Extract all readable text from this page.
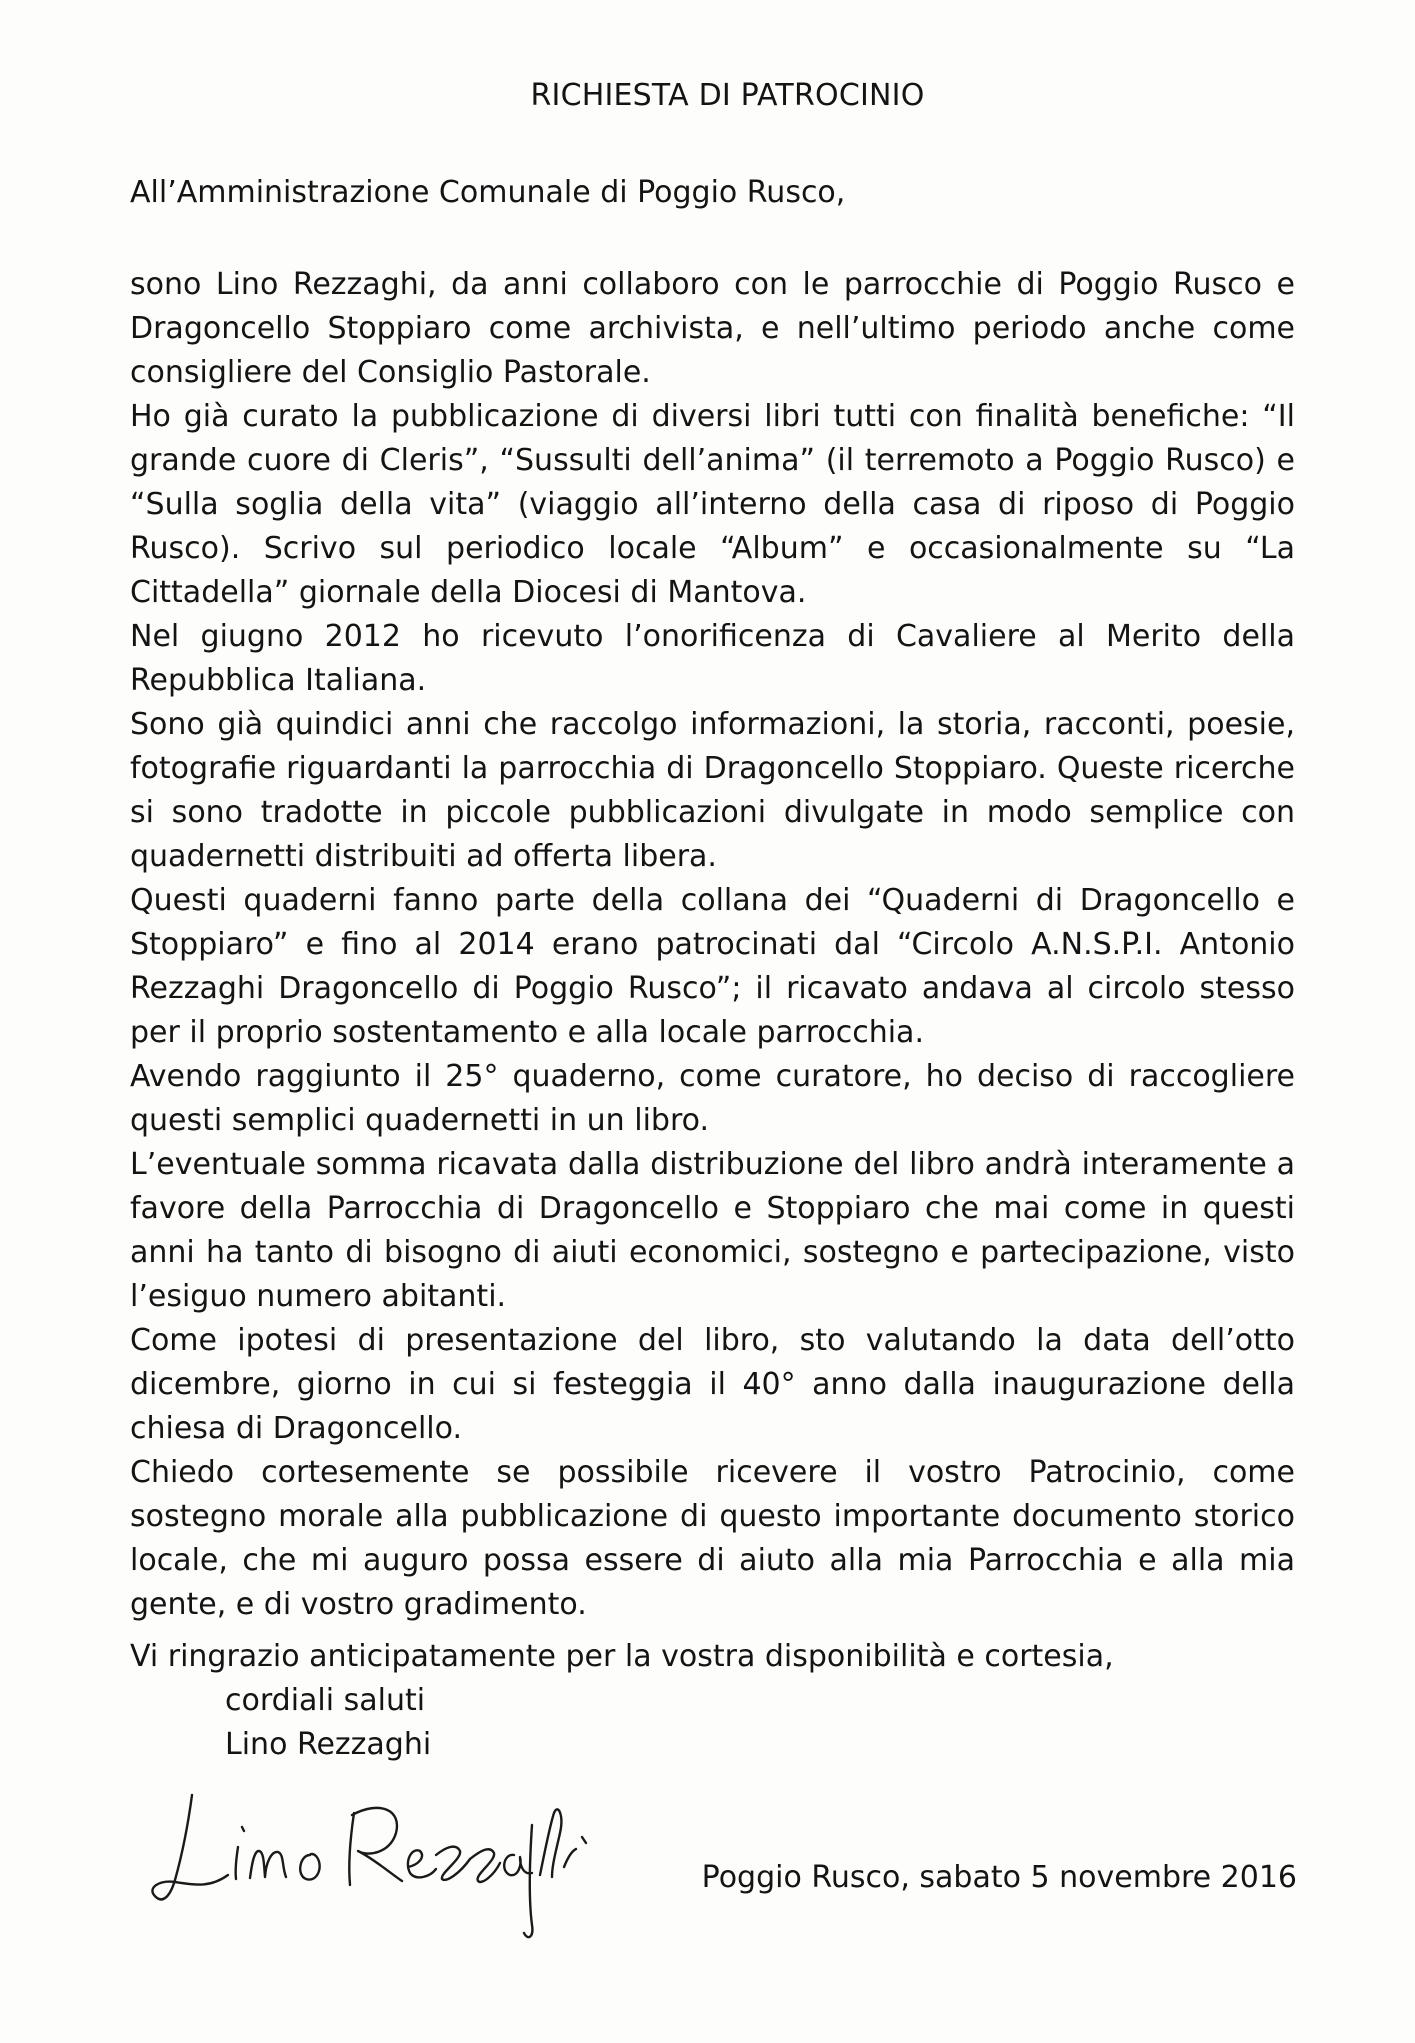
RICHIESTA DI PATROCINIO
All’Amministrazione Comunale di Poggio Rusco,

sono Lino Rezzaghi, da anni collaboro con le parrocchie di Poggio Rusco e Dragoncello Stoppiaro come archivista, e nell’ultimo periodo anche come consigliere del Consiglio Pastorale.

Ho già curato la pubblicazione di diversi libri tutti con finalità benefiche: “Il grande cuore di Cleris”, “Sussulti dell’anima” (il terremoto a Poggio Rusco) e “Sulla soglia della vita” (viaggio all’interno della casa di riposo di Poggio Rusco). Scrivo sul periodico locale “Album” e occasionalmente su “La Cittadella” giornale della Diocesi di Mantova.

Nel giugno 2012 ho ricevuto l’onorificenza di Cavaliere al Merito della Repubblica Italiana.

Sono già quindici anni che raccolgo informazioni, la storia, racconti, poesie, fotografie riguardanti la parrocchia di Dragoncello Stoppiaro. Queste ricerche si sono tradotte in piccole pubblicazioni divulgate in modo semplice con quadernetti distribuiti ad offerta libera.

Questi quaderni fanno parte della collana dei “Quaderni di Dragoncello e Stoppiaro” e fino al 2014 erano patrocinati dal “Circolo A.N.S.P.I. Antonio Rezzaghi Dragoncello di Poggio Rusco”; il ricavato andava al circolo stesso per il proprio sostentamento e alla locale parrocchia.

Avendo raggiunto il 25° quaderno, come curatore, ho deciso di raccogliere questi semplici quadernetti in un libro.

L’eventuale somma ricavata dalla distribuzione del libro andrà interamente a favore della Parrocchia di Dragoncello e Stoppiaro che mai come in questi anni ha tanto di bisogno di aiuti economici, sostegno e partecipazione, visto l’esiguo numero abitanti.

Come ipotesi di presentazione del libro, sto valutando la data dell’otto dicembre, giorno in cui si festeggia il 40° anno dalla inaugurazione della chiesa di Dragoncello.

Chiedo cortesemente se possibile ricevere il vostro Patrocinio, come sostegno morale alla pubblicazione di questo importante documento storico locale, che mi auguro possa essere di aiuto alla mia Parrocchia e alla mia gente, e di vostro gradimento.

Vi ringrazio anticipatamente per la vostra disponibilità e cortesia,
cordiali saluti
Lino Rezzaghi
Poggio Rusco, sabato 5 novembre 2016
